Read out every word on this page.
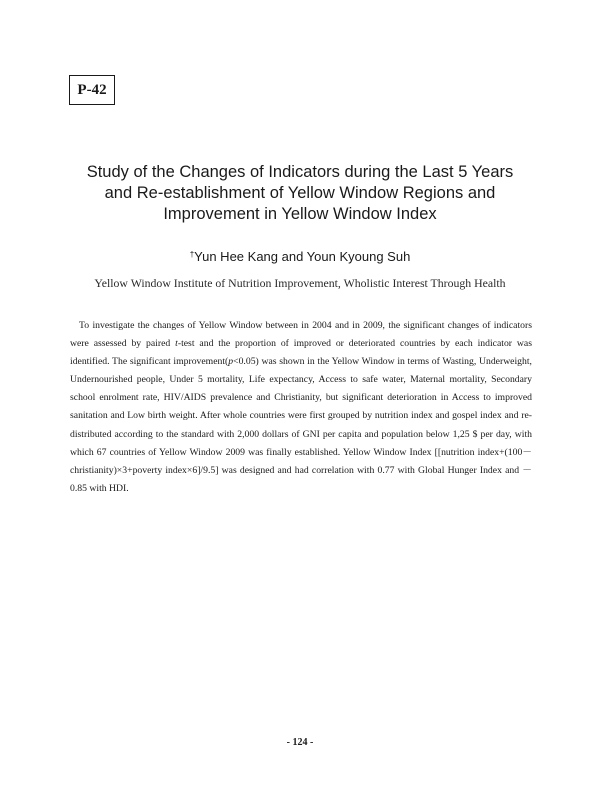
P-42
Study of the Changes of Indicators during the Last 5 Years
and Re-establishment of Yellow Window Regions and
Improvement in Yellow Window Index
†Yun Hee Kang and Youn Kyoung Suh
Yellow Window Institute of Nutrition Improvement, Wholistic Interest Through Health

To investigate the changes of Yellow Window between in 2004 and in 2009, the significant changes of indicators were assessed by paired t-test and the proportion of improved or deteriorated countries by each indicator was identified. The significant improvement(p<0.05) was shown in the Yellow Window in terms of Wasting, Underweight, Undernourished people, Under 5 mortality, Life expectancy, Access to safe water, Maternal mortality, Secondary school enrolment rate, HIV/AIDS prevalence and Christianity, but significant deterioration in Access to improved sanitation and Low birth weight. After whole countries were first grouped by nutrition index and gospel index and re-distributed according to the standard with 2,000 dollars of GNI per capita and population below 1,25 $ per day, with which 67 countries of Yellow Window 2009 was finally established. Yellow Window Index [[nutrition index+(100－christianity)×3+poverty index×6]/9.5] was designed and had correlation with 0.77 with Global Hunger Index and －0.85 with HDI.

- 124 -
